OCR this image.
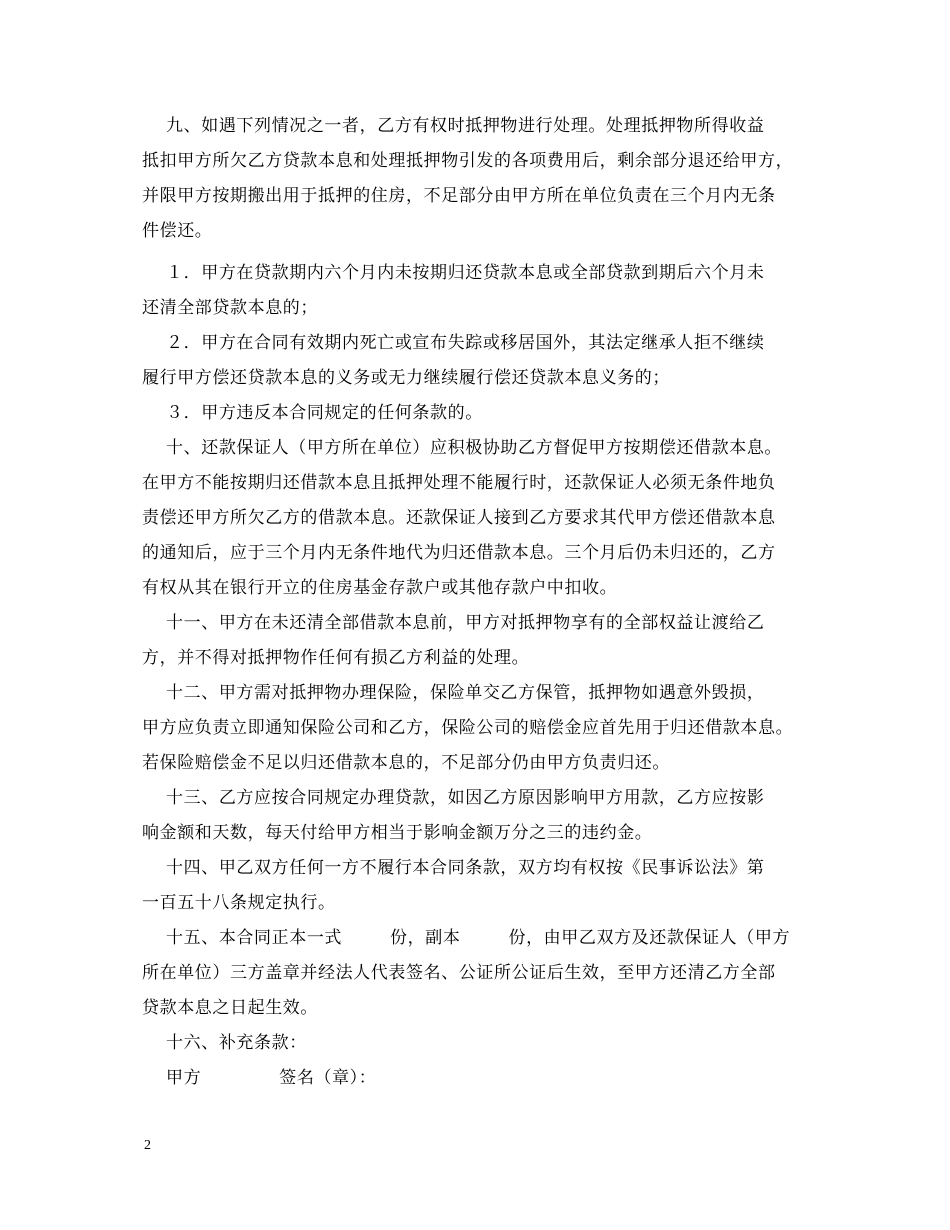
九、如遇下列情况之一者，乙方有权时抵押物进行处理。处理抵押物所得收益
抵扣甲方所欠乙方贷款本息和处理抵押物引发的各项费用后，剩余部分退还给甲方，
并限甲方按期搬出用于抵押的住房，不足部分由甲方所在单位负责在三个月内无条
件偿还。
１．甲方在贷款期内六个月内未按期归还贷款本息或全部贷款到期后六个月未
还清全部贷款本息的；
２．甲方在合同有效期内死亡或宣布失踪或移居国外，其法定继承人拒不继续
履行甲方偿还贷款本息的义务或无力继续履行偿还贷款本息义务的；
３．甲方违反本合同规定的任何条款的。
十、还款保证人（甲方所在单位）应积极协助乙方督促甲方按期偿还借款本息。
在甲方不能按期归还借款本息且抵押处理不能履行时，还款保证人必须无条件地负
责偿还甲方所欠乙方的借款本息。还款保证人接到乙方要求其代甲方偿还借款本息
的通知后，应于三个月内无条件地代为归还借款本息。三个月后仍未归还的，乙方
有权从其在银行开立的住房基金存款户或其他存款户中扣收。
十一、甲方在未还清全部借款本息前，甲方对抵押物享有的全部权益让渡给乙
方，并不得对抵押物作任何有损乙方利益的处理。
十二、甲方需对抵押物办理保险，保险单交乙方保管，抵押物如遇意外毁损，
甲方应负责立即通知保险公司和乙方，保险公司的赔偿金应首先用于归还借款本息。
若保险赔偿金不足以归还借款本息的，不足部分仍由甲方负责归还。
十三、乙方应按合同规定办理贷款，如因乙方原因影响甲方用款，乙方应按影
响金额和天数，每天付给甲方相当于影响金额万分之三的违约金。
十四、甲乙双方任何一方不履行本合同条款，双方均有权按《民事诉讼法》第
一百五十八条规定执行。
十五、本合同正本一式        份，副本        份，由甲乙双方及还款保证人（甲方
所在单位）三方盖章并经法人代表签名、公证所公证后生效，至甲方还清乙方全部
贷款本息之日起生效。
十六、补充条款：
甲方             签名（章）：
2
